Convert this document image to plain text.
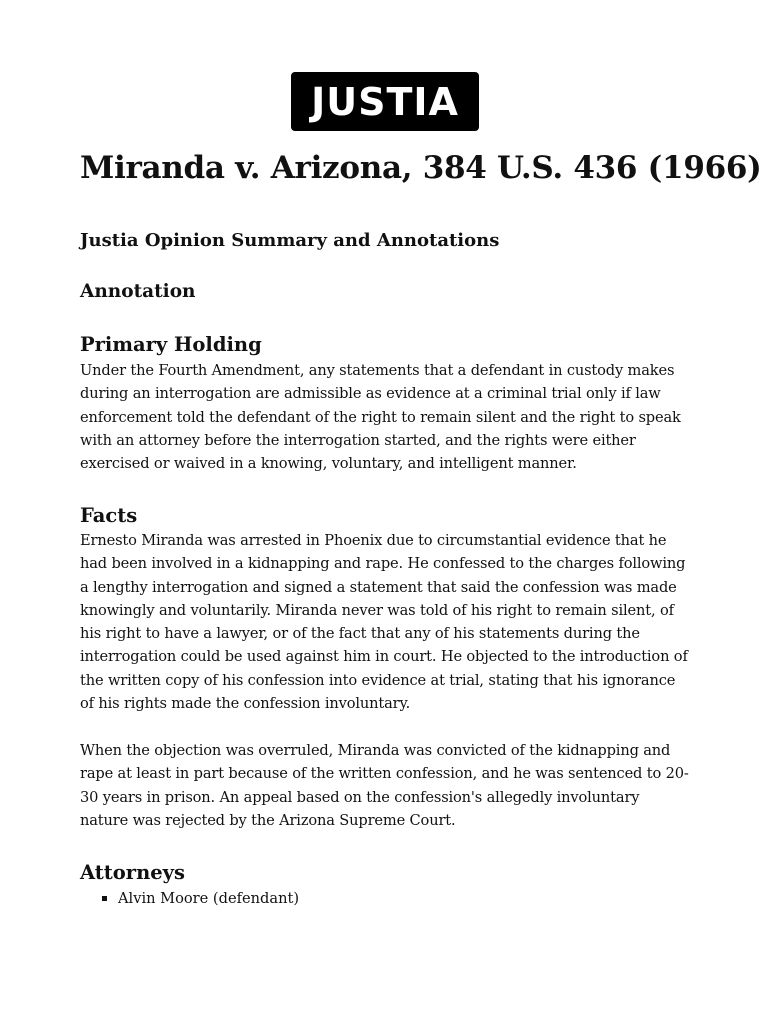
JUSTIA
Miranda v. Arizona, 384 U.S. 436 (1966)
Justia Opinion Summary and Annotations
Annotation
Primary Holding

Under the Fourth Amendment, any statements that a defendant in custody makes during an interrogation are admissible as evidence at a criminal trial only if law enforcement told the defendant of the right to remain silent and the right to speak with an attorney before the interrogation started, and the rights were either exercised or waived in a knowing, voluntary, and intelligent manner.

Facts

Ernesto Miranda was arrested in Phoenix due to circumstantial evidence that he had been involved in a kidnapping and rape. He confessed to the charges following a lengthy interrogation and signed a statement that said the confession was made knowingly and voluntarily. Miranda never was told of his right to remain silent, of his right to have a lawyer, or of the fact that any of his statements during the interrogation could be used against him in court. He objected to the introduction of the written copy of his confession into evidence at trial, stating that his ignorance of his rights made the confession involuntary.

When the objection was overruled, Miranda was convicted of the kidnapping and rape at least in part because of the written confession, and he was sentenced to 20-30 years in prison. An appeal based on the confession's allegedly involuntary nature was rejected by the Arizona Supreme Court.

Attorneys
Alvin Moore (defendant)
